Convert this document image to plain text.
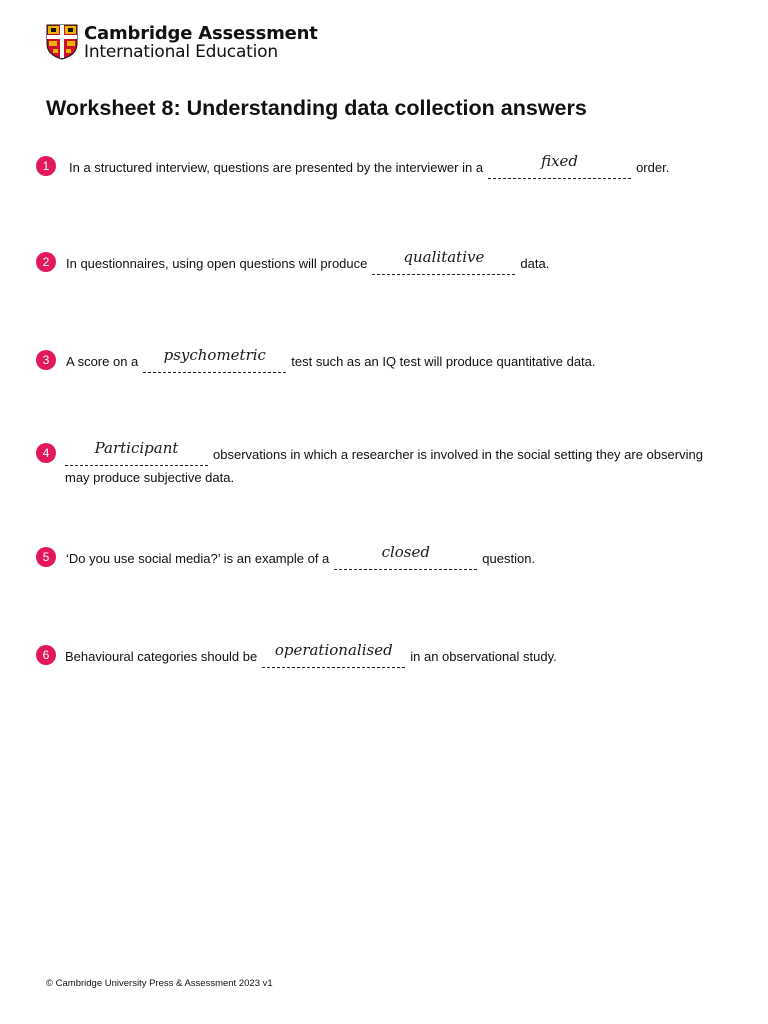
Cambridge Assessment
International Education
Worksheet 8: Understanding data collection answers
1	In a structured interview, questions are presented by the interviewer in a	fixed	order.
2	In questionnaires, using open questions will produce	qualitative	data.
3	A score on a	psychometric	test such as an IQ test will produce quantitative data.
4	Participant	observations in which a researcher is involved in the social setting they are observing
may produce subjective data.
5	‘Do you use social media?’ is an example of a	closed	question.
6	Behavioural categories should be	operationalised	in an observational study.
© Cambridge University Press & Assessment 2023 v1
